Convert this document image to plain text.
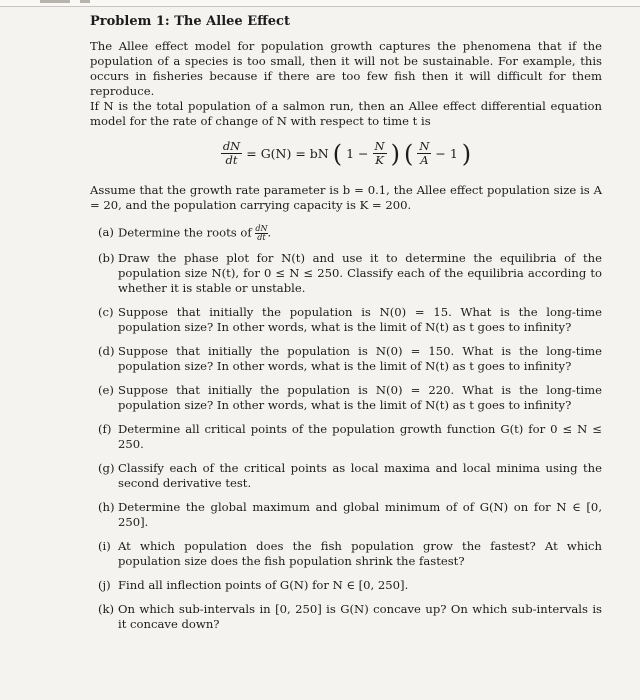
Problem 1: The Allee Effect

The Allee effect model for population growth captures the phenomena that if the population of a species is too small, then it will not be sustainable. For example, this occurs in fisheries because if there are too few fish then it will difficult for them reproduce.

If N is the total population of a salmon run, then an Allee effect differential equation model for the rate of change of N with respect to time t is

$\frac{dN}{dt} = G(N)$ = bN ( $1 - \frac{N}{K}$ ) ( $\frac{N}{A} - 1$ )

Assume that the growth rate parameter is b = 0.1, the Allee effect population size is A = 20, and the population carrying capacity is K = 200.

(a) Determine the roots of $\frac{dN}{dt}$ .
(b) Draw the phase plot for N(t) and use it to determine the equilibria of the population size N(t), for 0 ≤ N ≤ 250. Classify each of the equilibria according to whether it is stable or unstable.
(c) Suppose that initially the population is N(0) = 15. What is the long-time population size? In other words, what is the limit of N(t) as t goes to infinity?
(d) Suppose that initially the population is N(0) = 150. What is the long-time population size? In other words, what is the limit of N(t) as t goes to infinity?
(e) Suppose that initially the population is N(0) = 220. What is the long-time population size? In other words, what is the limit of N(t) as t goes to infinity?
(f) Determine all critical points of the population growth function G(t) for 0 ≤ N ≤ 250.
(g) Classify each of the critical points as local maxima and local minima using the second derivative test.
(h) Determine the global maximum and global minimum of of G(N) on for N ∈ [0, 250].
(i) At which population does the fish population grow the fastest? At which population size does the fish population shrink the fastest?
(j) Find all inflection points of G(N) for N ∈ [0, 250].
(k) On which sub-intervals in [0, 250] is G(N) concave up? On which sub-intervals is it concave down?
